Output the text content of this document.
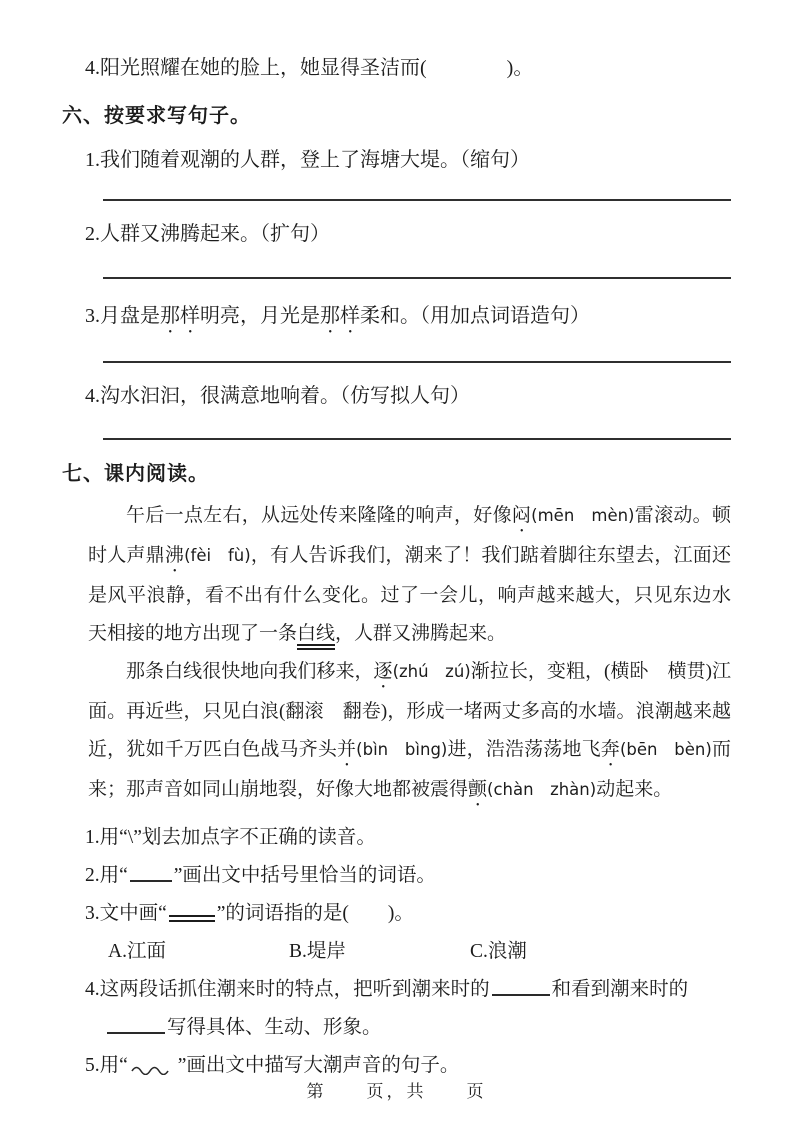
4.阳光照耀在她的脸上，她显得圣洁而(　　　　)。
六、按要求写句子。
1.我们随着观潮的人群，登上了海塘大堤。（缩句）
2.人群又沸腾起来。（扩句）
3.月盘是那样明亮，月光是那样柔和。（用加点词语造句）
4.沟水汩汩，很满意地响着。（仿写拟人句）
七、课内阅读。

午后一点左右，从远处传来隆隆的响声，好像闷(mēn　mèn)雷滚动。顿时人声鼎沸(fèi　fù)，有人告诉我们，潮来了！我们踮着脚往东望去，江面还是风平浪静，看不出有什么变化。过了一会儿，响声越来越大，只见东边水天相接的地方出现了一条白线，人群又沸腾起来。

那条白线很快地向我们移来，逐(zhú　zú)渐拉长，变粗，(横卧　横贯)江面。再近些，只见白浪(翻滚　翻卷)，形成一堵两丈多高的水墙。浪潮越来越近，犹如千万匹白色战马齐头并(bìn　bìng)进，浩浩荡荡地飞奔(bēn　bèn)而来；那声音如同山崩地裂，好像大地都被震得颤(chàn　zhàn)动起来。

1.用“\”划去加点字不正确的读音。
2.用“ ”画出文中括号里恰当的词语。
3.文中画“	”的词语指的是(　　)。
A.江面	B.堤岸	C.浪潮
4.这两段话抓住潮来时的特点，把听到潮来时的	和看到潮来时的写得具体、生动、形象。
5.用“	”画出文中描写大潮声音的句子。
第　　页，共　　页
